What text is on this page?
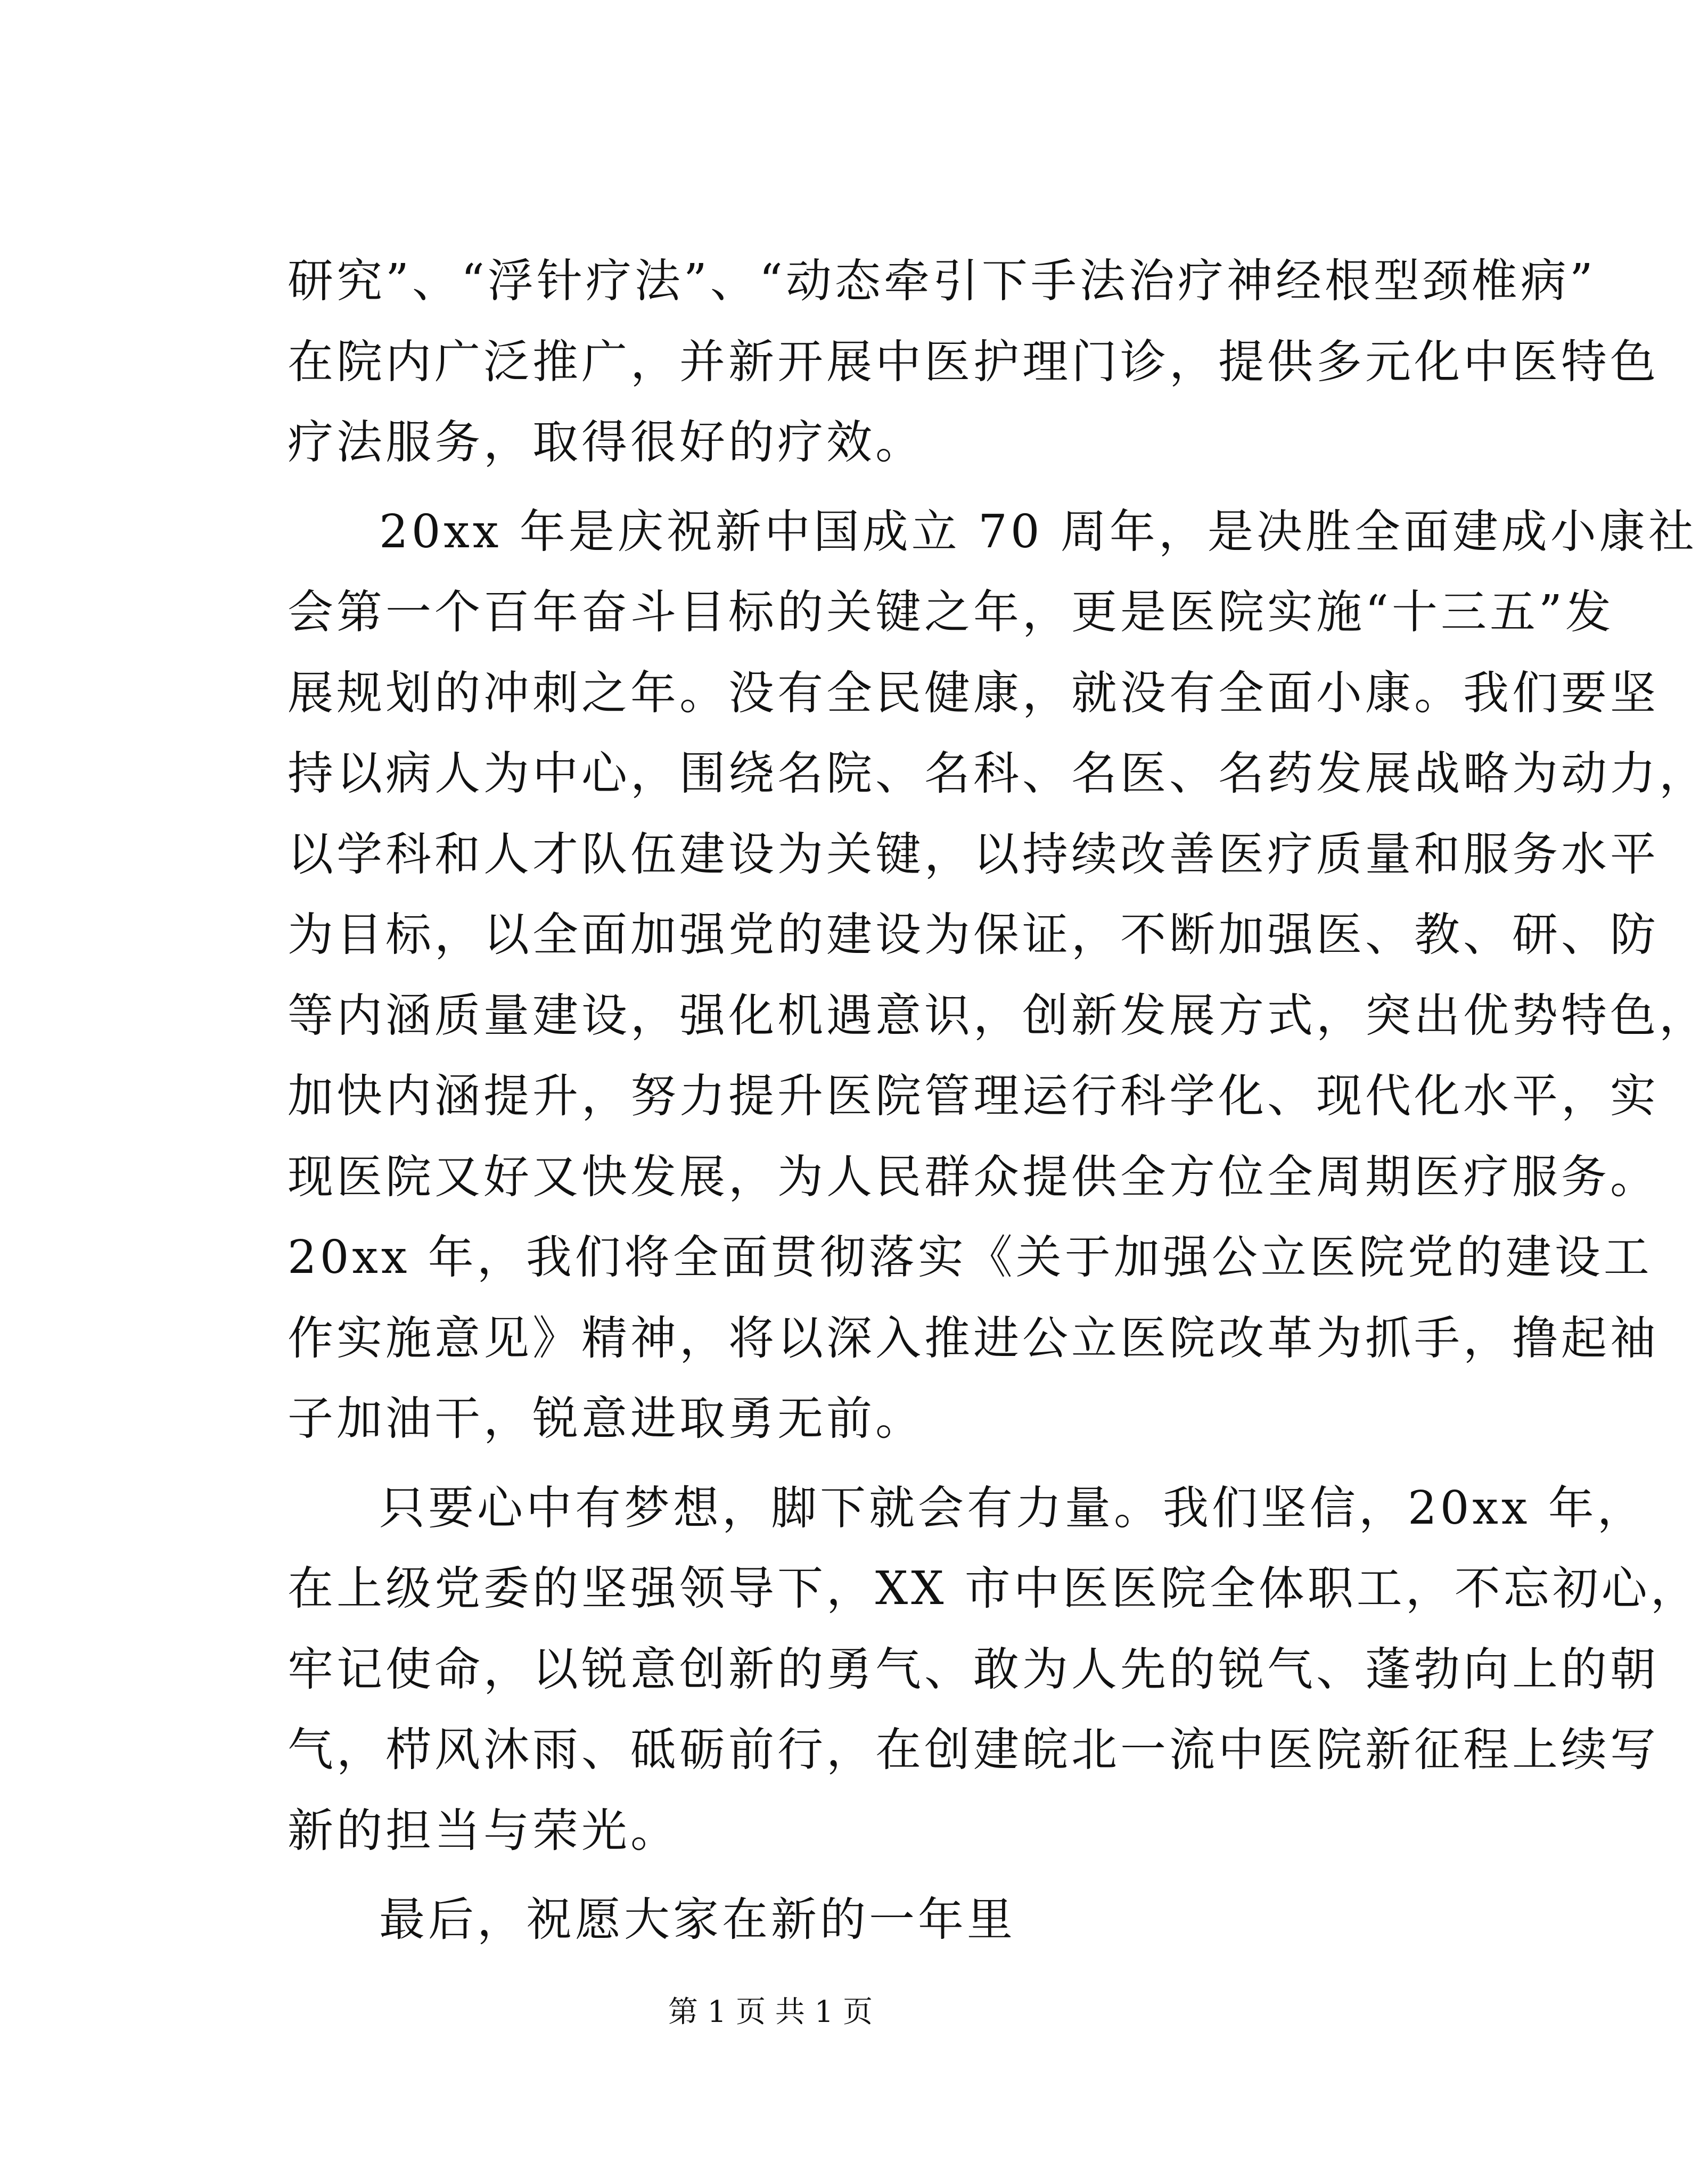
研究”、“浮针疗法”、“动态牵引下手法治疗神经根型颈椎病”
在院内广泛推广，并新开展中医护理门诊，提供多元化中医特色
疗法服务，取得很好的疗效。
20xx 年是庆祝新中国成立 70 周年，是决胜全面建成小康社
会第一个百年奋斗目标的关键之年，更是医院实施“十三五”发
展规划的冲刺之年。没有全民健康，就没有全面小康。我们要坚
持以病人为中心，围绕名院、名科、名医、名药发展战略为动力，
以学科和人才队伍建设为关键，以持续改善医疗质量和服务水平
为目标，以全面加强党的建设为保证，不断加强医、教、研、防
等内涵质量建设，强化机遇意识，创新发展方式，突出优势特色，
加快内涵提升，努力提升医院管理运行科学化、现代化水平，实
现医院又好又快发展，为人民群众提供全方位全周期医疗服务。
20xx 年，我们将全面贯彻落实《关于加强公立医院党的建设工
作实施意见》精神，将以深入推进公立医院改革为抓手，撸起袖
子加油干，锐意进取勇无前。
只要心中有梦想，脚下就会有力量。我们坚信，20xx 年，
在上级党委的坚强领导下，XX 市中医医院全体职工，不忘初心，
牢记使命，以锐意创新的勇气、敢为人先的锐气、蓬勃向上的朝
气，栉风沐雨、砥砺前行，在创建皖北一流中医院新征程上续写
新的担当与荣光。
最后，祝愿大家在新的一年里
第 1 页 共 1 页
